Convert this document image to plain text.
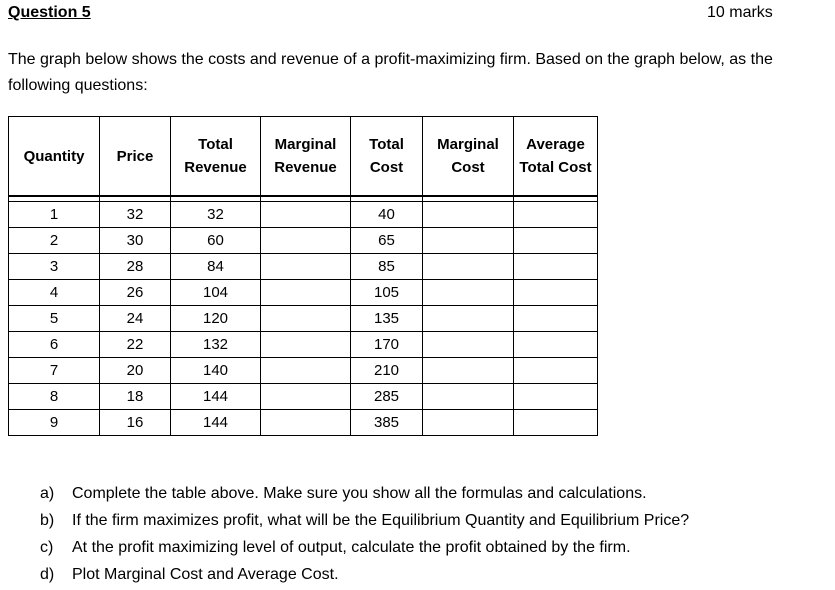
Question 5	10 marks
The graph below shows the costs and revenue of a profit-maximizing firm. Based on the graph below, as the following questions:
Quantity	Price	Total Revenue	Marginal Revenue	Total Cost	Marginal Cost	Average Total Cost

1	32	32		40		
2	30	60		65		
3	28	84		85		
4	26	104		105		
5	24	120		135		
6	22	132		170		
7	20	140		210		
8	18	144		285		
9	16	144		385		
a) Complete the table above. Make sure you show all the formulas and calculations.
b) If the firm maximizes profit, what will be the Equilibrium Quantity and Equilibrium Price?
c) At the profit maximizing level of output, calculate the profit obtained by the firm.
d) Plot Marginal Cost and Average Cost.
